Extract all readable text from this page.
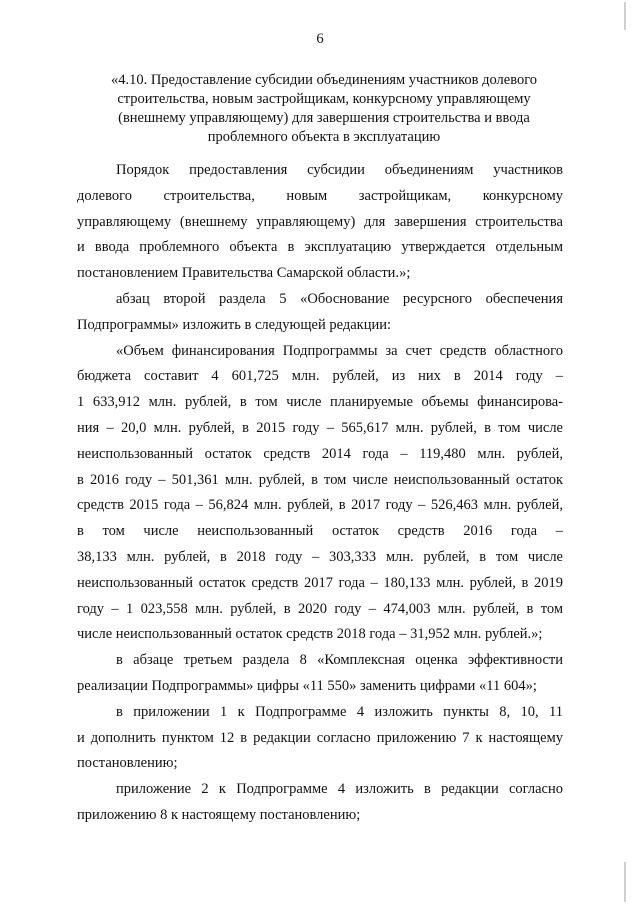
6
«4.10. Предоставление субсидии объединениям участников долевого
строительства, новым застройщикам, конкурсному управляющему
(внешнему управляющему) для завершения строительства и ввода
проблемного объекта в эксплуатацию

Порядок предоставления субсидии объединениям участников
долевого строительства, новым застройщикам, конкурсному
управляющему (внешнему управляющему) для завершения строительства
и ввода проблемного объекта в эксплуатацию утверждается отдельным
постановлением Правительства Самарской области.»;

абзац второй раздела 5 «Обоснование ресурсного обеспечения
Подпрограммы» изложить в следующей редакции:

«Объем финансирования Подпрограммы за счет средств областного
бюджета составит 4 601,725 млн. рублей, из них в 2014 году –
1 633,912 млн. рублей, в том числе планируемые объемы финансирова-
ния – 20,0 млн. рублей, в 2015 году – 565,617 млн. рублей, в том числе
неиспользованный остаток средств 2014 года – 119,480 млн. рублей,
в 2016 году – 501,361 млн. рублей, в том числе неиспользованный остаток
средств 2015 года – 56,824 млн. рублей, в 2017 году – 526,463 млн. рублей,
в том числе неиспользованный остаток средств 2016 года –
38,133 млн. рублей, в 2018 году – 303,333 млн. рублей, в том числе
неиспользованный остаток средств 2017 года – 180,133 млн. рублей, в 2019
году – 1 023,558 млн. рублей, в 2020 году – 474,003 млн. рублей, в том
числе неиспользованный остаток средств 2018 года – 31,952 млн. рублей.»;

в абзаце третьем раздела 8 «Комплексная оценка эффективности
реализации Подпрограммы» цифры «11 550» заменить цифрами «11 604»;

в приложении 1 к Подпрограмме 4 изложить пункты 8, 10, 11
и дополнить пунктом 12 в редакции согласно приложению 7 к настоящему
постановлению;

приложение 2 к Подпрограмме 4 изложить в редакции согласно
приложению 8 к настоящему постановлению;
